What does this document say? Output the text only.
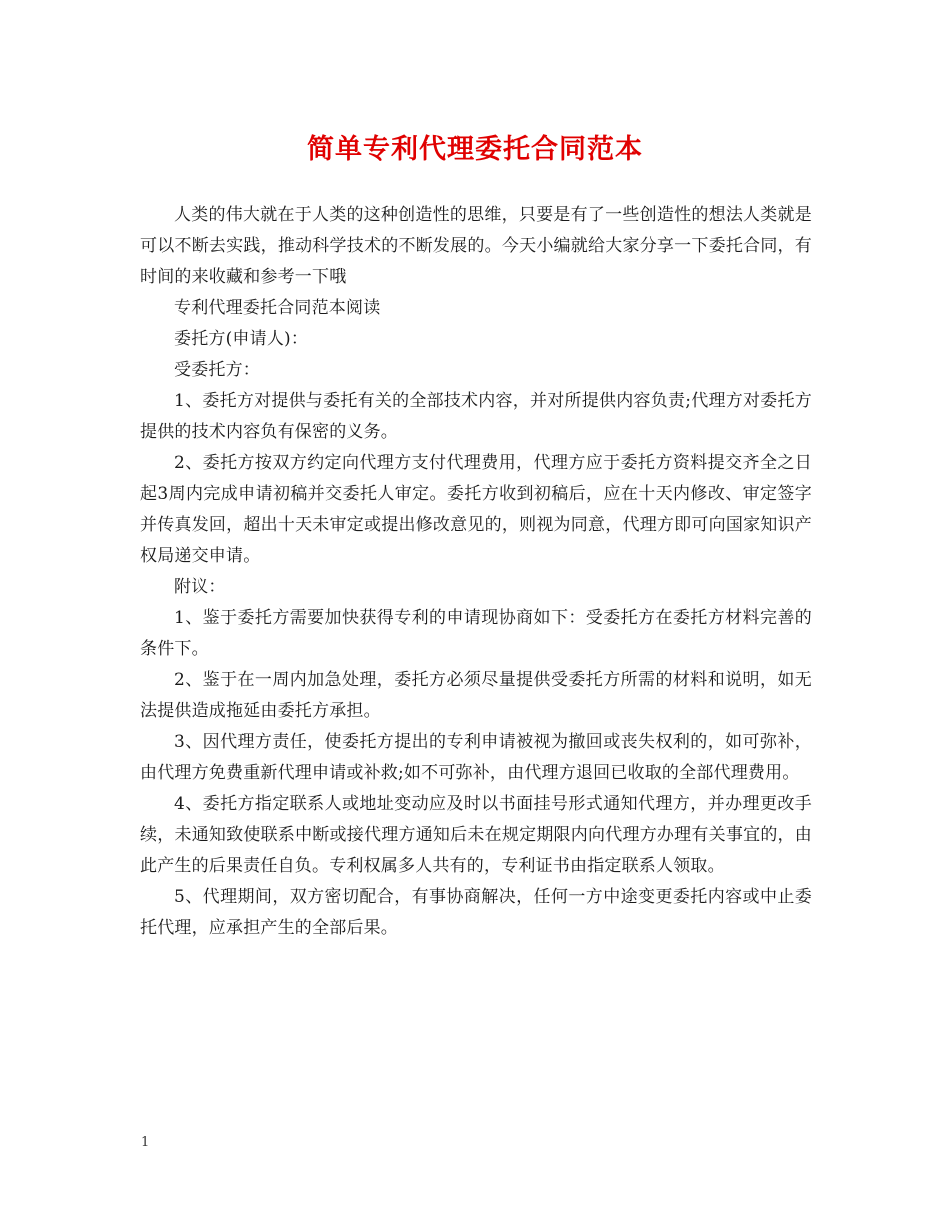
简单专利代理委托合同范本

人类的伟大就在于人类的这种创造性的思维，只要是有了一些创造性的想法人类就是可以不断去实践，推动科学技术的不断发展的。今天小编就给大家分享一下委托合同，有时间的来收藏和参考一下哦

专利代理委托合同范本阅读

委托方(申请人)：

受委托方：

1、委托方对提供与委托有关的全部技术内容，并对所提供内容负责;代理方对委托方提供的技术内容负有保密的义务。

2、委托方按双方约定向代理方支付代理费用，代理方应于委托方资料提交齐全之日起3周内完成申请初稿并交委托人审定。委托方收到初稿后，应在十天内修改、审定签字并传真发回，超出十天未审定或提出修改意见的，则视为同意，代理方即可向国家知识产权局递交申请。

附议：

1、鉴于委托方需要加快获得专利的申请现协商如下：受委托方在委托方材料完善的条件下。

2、鉴于在一周内加急处理，委托方必须尽量提供受委托方所需的材料和说明，如无法提供造成拖延由委托方承担。

3、因代理方责任，使委托方提出的专利申请被视为撤回或丧失权利的，如可弥补，由代理方免费重新代理申请或补救;如不可弥补，由代理方退回已收取的全部代理费用。

4、委托方指定联系人或地址变动应及时以书面挂号形式通知代理方，并办理更改手续，未通知致使联系中断或接代理方通知后未在规定期限内向代理方办理有关事宜的，由此产生的后果责任自负。专利权属多人共有的，专利证书由指定联系人领取。

5、代理期间，双方密切配合，有事协商解决，任何一方中途变更委托内容或中止委托代理，应承担产生的全部后果。

1
